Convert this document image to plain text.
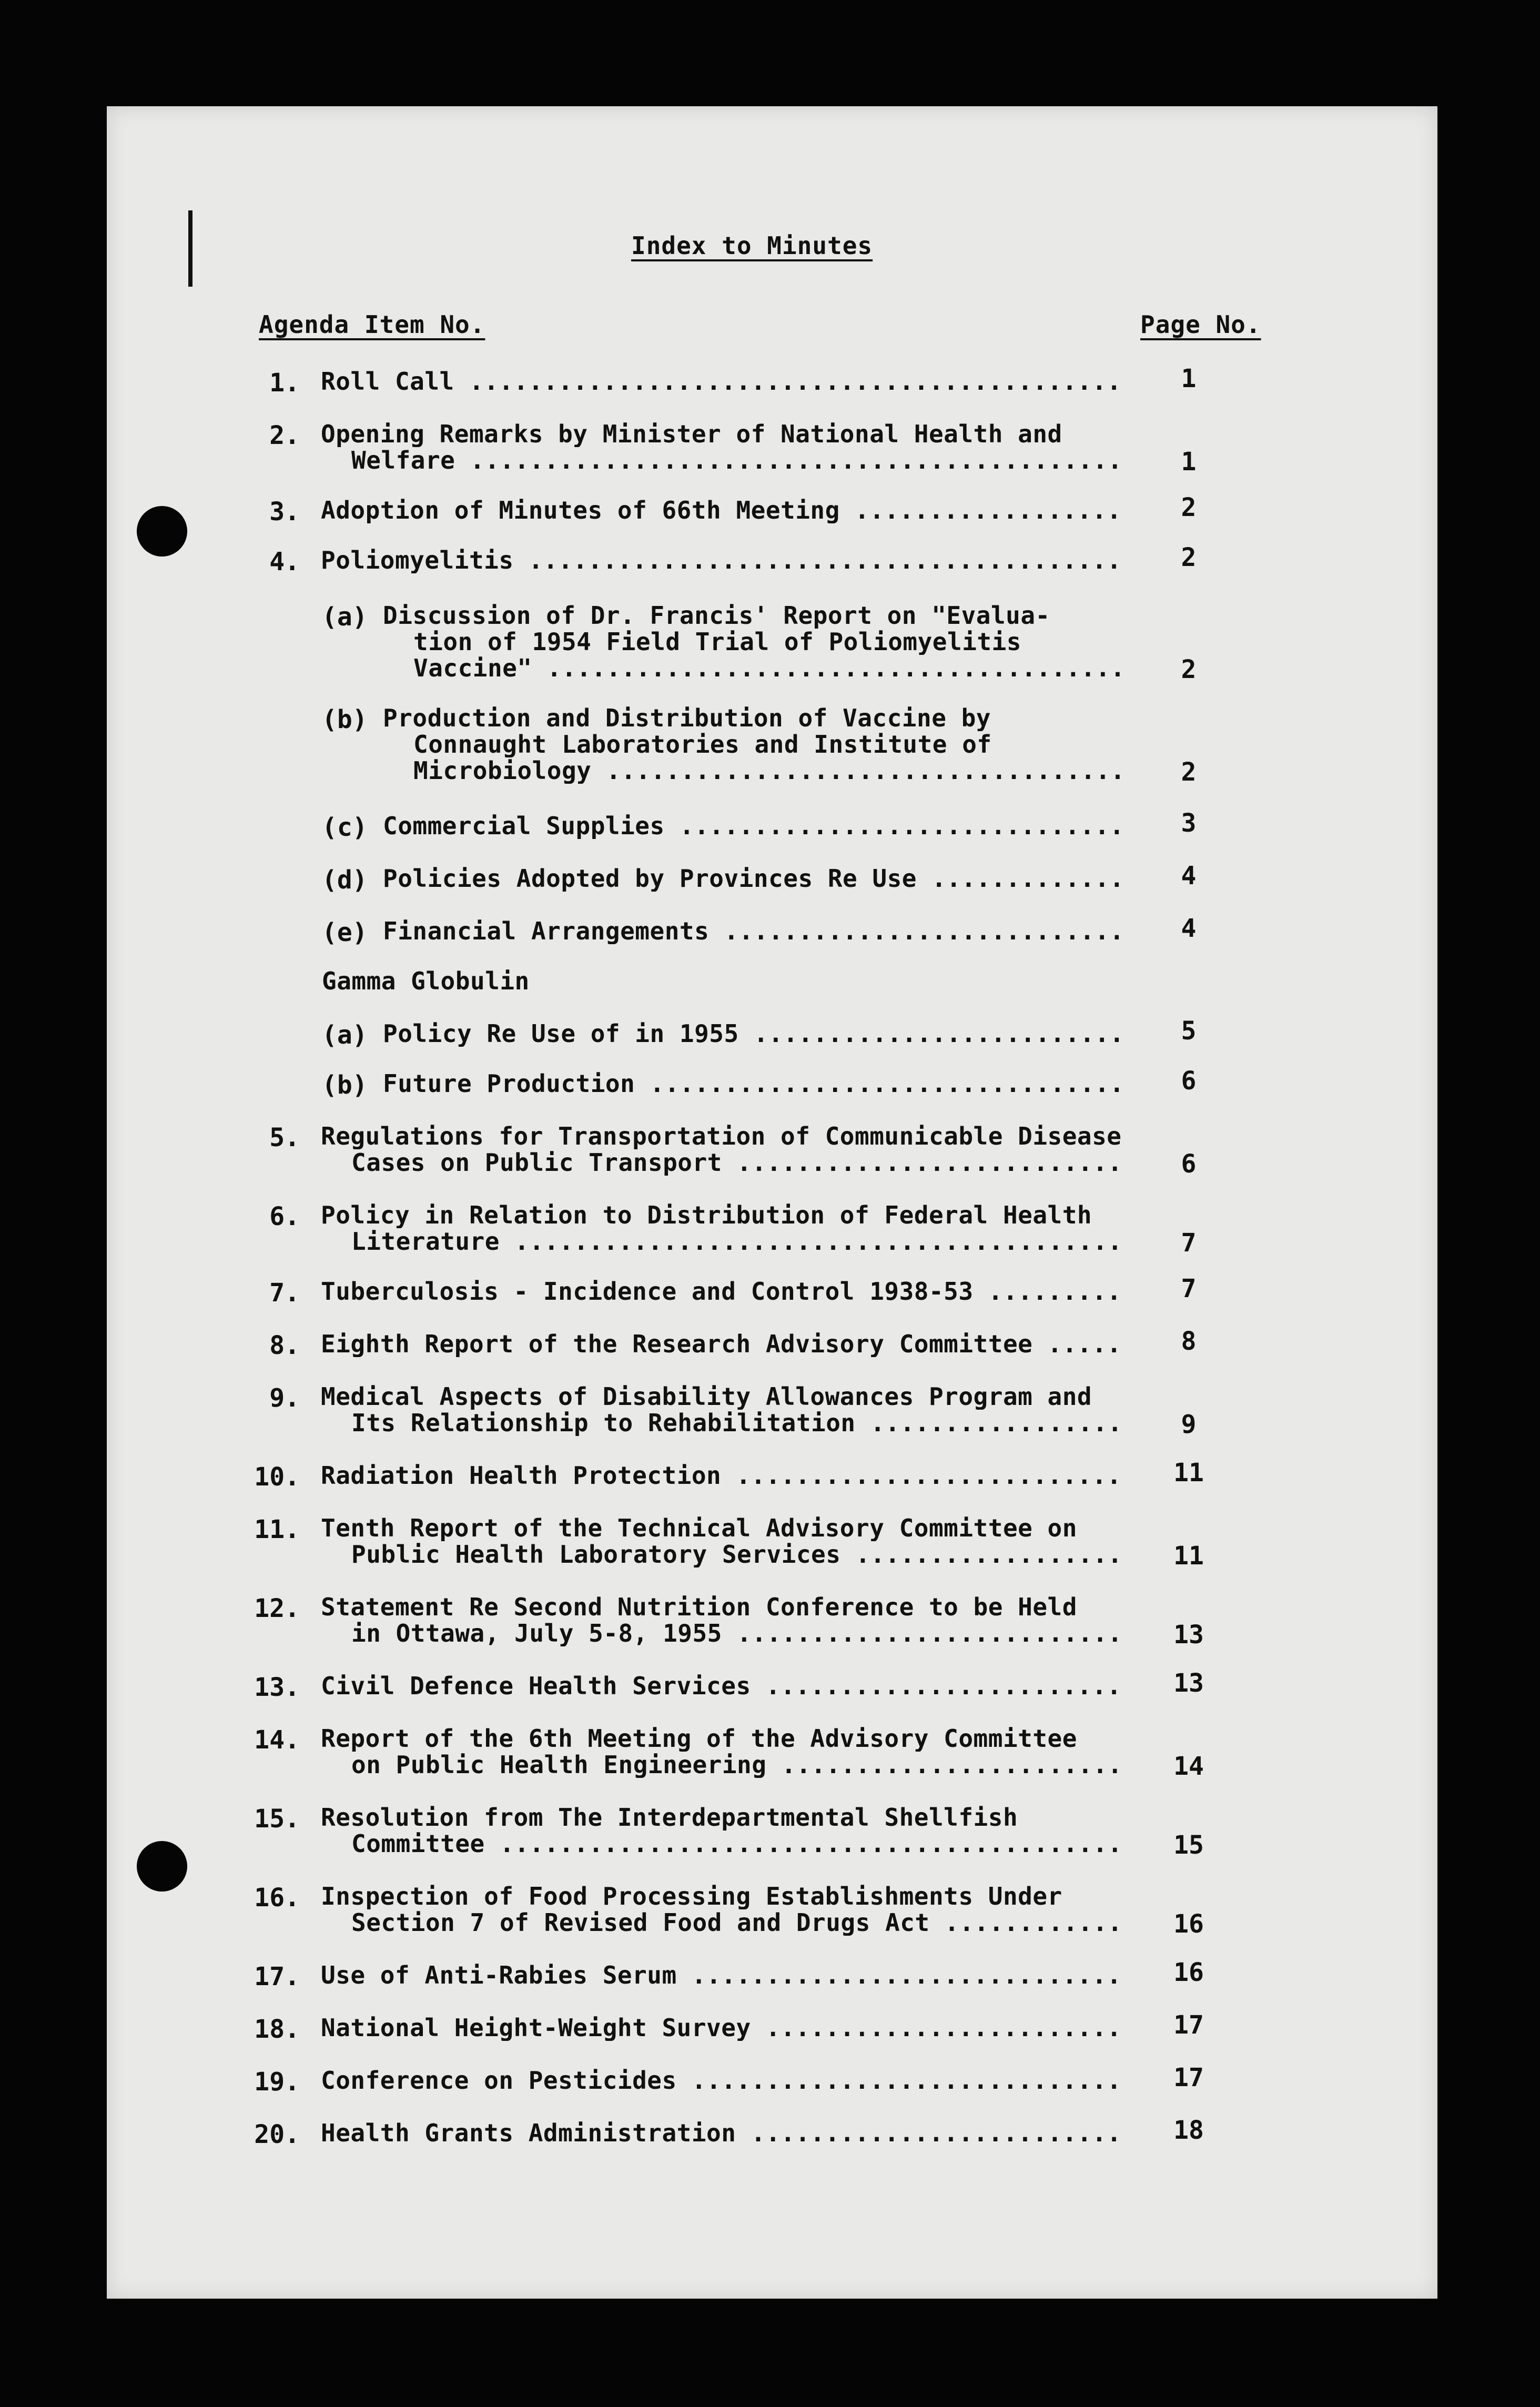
Index to Minutes
Agenda Item No.	Page No.
1. Roll Call .....	1
2. Opening Remarks by Minister of National Health and
Welfare .....	1
3. Adoption of Minutes of 66th Meeting .....	2
4. Poliomyelitis .....	2
(a) Discussion of Dr. Francis' Report on "Evalua-
tion of 1954 Field Trial of Poliomyelitis
Vaccine" .....	2
(b) Production and Distribution of Vaccine by
Connaught Laboratories and Institute of
Microbiology .....	2
(c) Commercial Supplies .....	3
(d) Policies Adopted by Provinces Re Use .....	4
(e) Financial Arrangements .....	4
Gamma Globulin
(a) Policy Re Use of in 1955 .....	5
(b) Future Production .....	6
5. Regulations for Transportation of Communicable Disease
Cases on Public Transport .....	6
6. Policy in Relation to Distribution of Federal Health
Literature .....	7
7. Tuberculosis - Incidence and Control 1938-53 .....	7
8. Eighth Report of the Research Advisory Committee .....	8
9. Medical Aspects of Disability Allowances Program and
Its Relationship to Rehabilitation .....	9
10. Radiation Health Protection .....	11
11. Tenth Report of the Technical Advisory Committee on
Public Health Laboratory Services .....	11
12. Statement Re Second Nutrition Conference to be Held
in Ottawa, July 5-8, 1955 .....	13
13. Civil Defence Health Services .....	13
14. Report of the 6th Meeting of the Advisory Committee
on Public Health Engineering .....	14
15. Resolution from The Interdepartmental Shellfish
Committee .....	15
16. Inspection of Food Processing Establishments Under
Section 7 of Revised Food and Drugs Act .....	16
17. Use of Anti-Rabies Serum .....	16
18. National Height-Weight Survey .....	17
19. Conference on Pesticides .....	17
20. Health Grants Administration .....	18
